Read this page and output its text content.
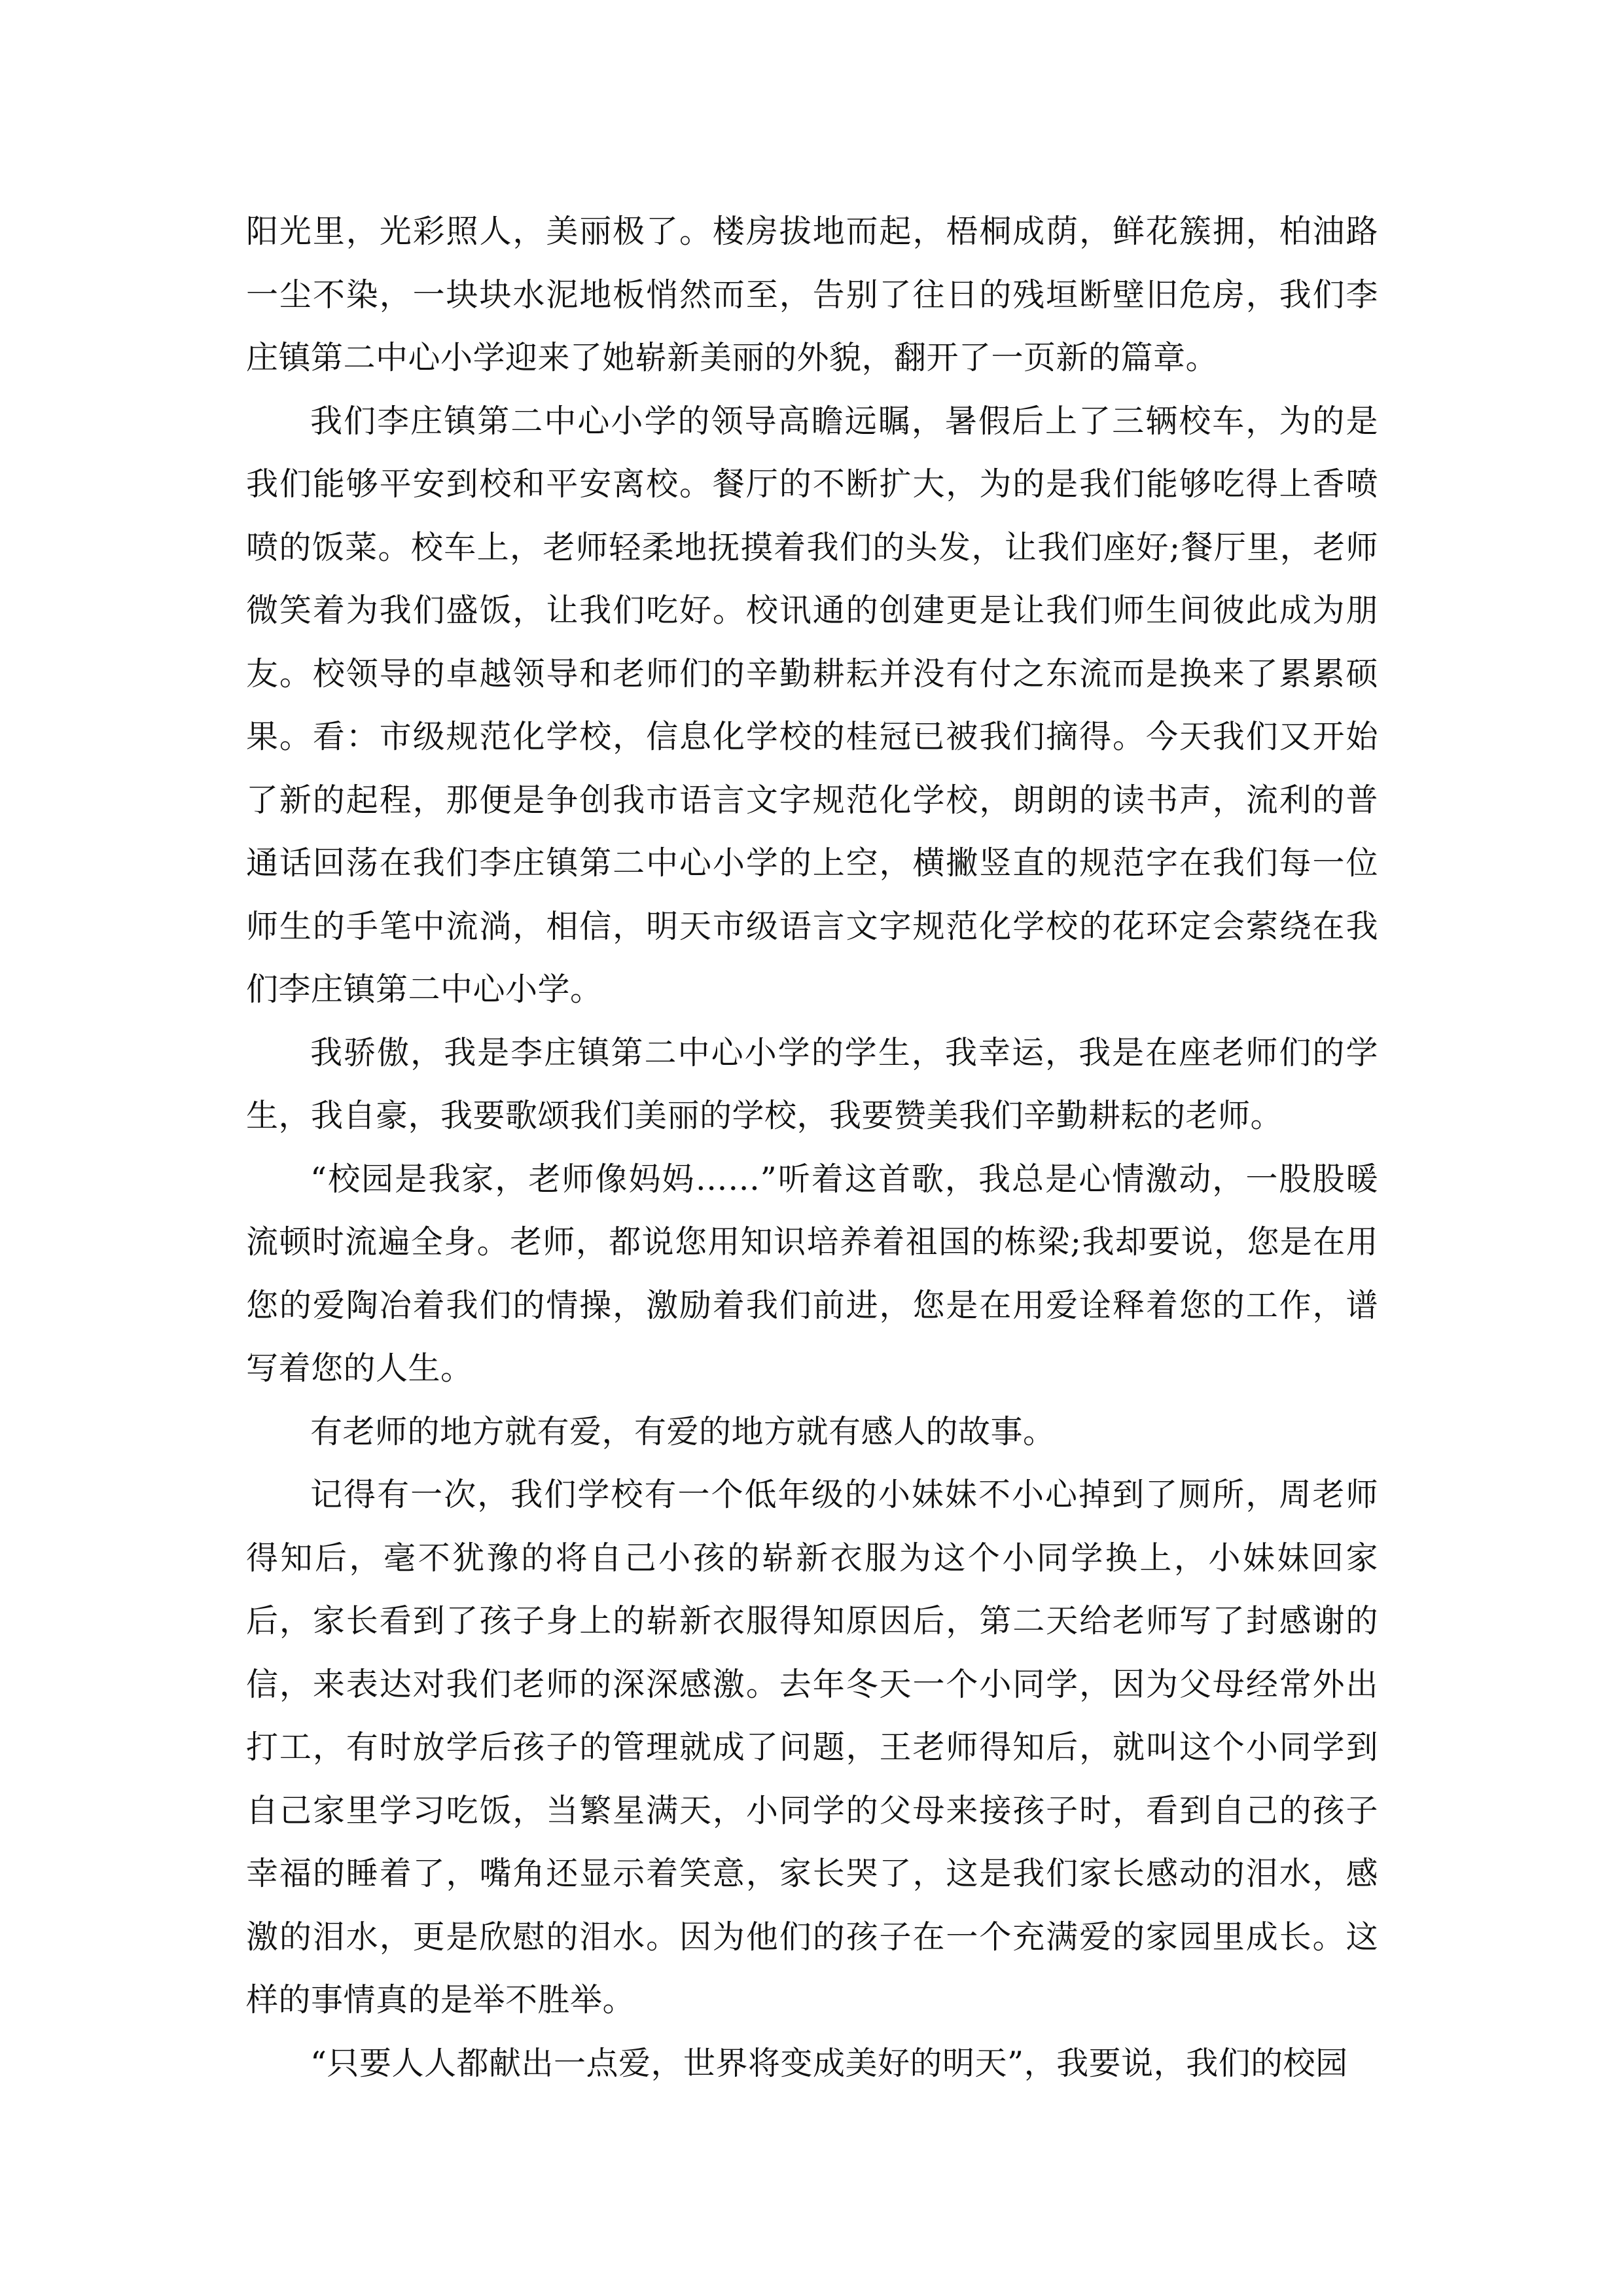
阳光里，光彩照人，美丽极了。楼房拔地而起，梧桐成荫，鲜花簇拥，柏油路一尘不染，一块块水泥地板悄然而至，告别了往日的残垣断壁旧危房，我们李庄镇第二中心小学迎来了她崭新美丽的外貌，翻开了一页新的篇章。

我们李庄镇第二中心小学的领导高瞻远瞩，暑假后上了三辆校车，为的是我们能够平安到校和平安离校。餐厅的不断扩大，为的是我们能够吃得上香喷喷的饭菜。校车上，老师轻柔地抚摸着我们的头发，让我们座好;餐厅里，老师微笑着为我们盛饭，让我们吃好。校讯通的创建更是让我们师生间彼此成为朋友。校领导的卓越领导和老师们的辛勤耕耘并没有付之东流而是换来了累累硕果。看：市级规范化学校，信息化学校的桂冠已被我们摘得。今天我们又开始了新的起程，那便是争创我市语言文字规范化学校，朗朗的读书声，流利的普通话回荡在我们李庄镇第二中心小学的上空，横撇竖直的规范字在我们每一位师生的手笔中流淌，相信，明天市级语言文字规范化学校的花环定会萦绕在我们李庄镇第二中心小学。

我骄傲，我是李庄镇第二中心小学的学生，我幸运，我是在座老师们的学生，我自豪，我要歌颂我们美丽的学校，我要赞美我们辛勤耕耘的老师。

“校园是我家，老师像妈妈……”听着这首歌，我总是心情激动，一股股暖流顿时流遍全身。老师，都说您用知识培养着祖国的栋梁;我却要说，您是在用您的爱陶冶着我们的情操，激励着我们前进，您是在用爱诠释着您的工作，谱写着您的人生。

有老师的地方就有爱，有爱的地方就有感人的故事。

记得有一次，我们学校有一个低年级的小妹妹不小心掉到了厕所，周老师得知后，毫不犹豫的将自己小孩的崭新衣服为这个小同学换上，小妹妹回家后，家长看到了孩子身上的崭新衣服得知原因后，第二天给老师写了封感谢的信，来表达对我们老师的深深感激。去年冬天一个小同学，因为父母经常外出打工，有时放学后孩子的管理就成了问题，王老师得知后，就叫这个小同学到自己家里学习吃饭，当繁星满天，小同学的父母来接孩子时，看到自己的孩子幸福的睡着了，嘴角还显示着笑意，家长哭了，这是我们家长感动的泪水，感激的泪水，更是欣慰的泪水。因为他们的孩子在一个充满爱的家园里成长。这样的事情真的是举不胜举。

“只要人人都献出一点爱，世界将变成美好的明天”，我要说，我们的校园
